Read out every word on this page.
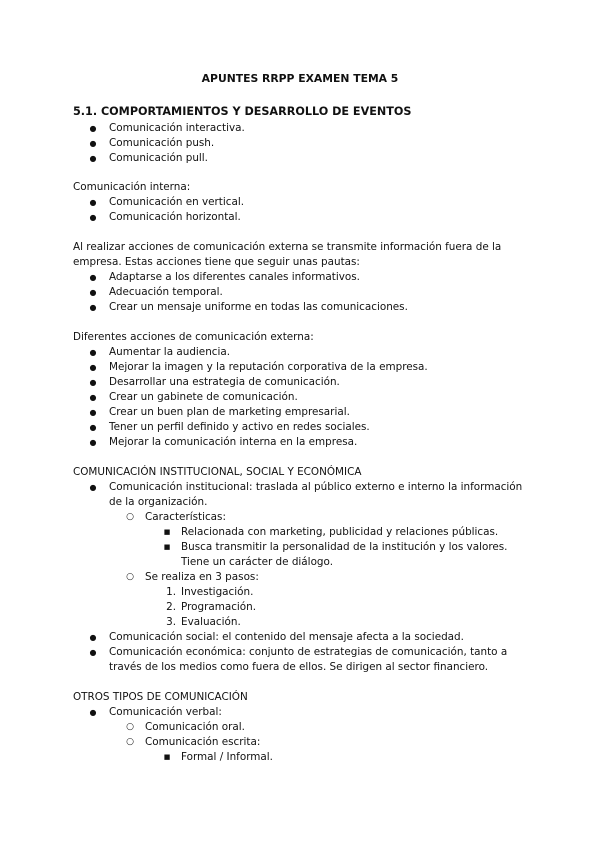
APUNTES RRPP EXAMEN TEMA 5
5.1. COMPORTAMIENTOS Y DESARROLLO DE EVENTOS
● Comunicación interactiva.
● Comunicación push.
● Comunicación pull.
Comunicación interna:
● Comunicación en vertical.
● Comunicación horizontal.
Al realizar acciones de comunicación externa se transmite información fuera de la empresa. Estas acciones tiene que seguir unas pautas:
● Adaptarse a los diferentes canales informativos.
● Adecuación temporal.
● Crear un mensaje uniforme en todas las comunicaciones.
Diferentes acciones de comunicación externa:
● Aumentar la audiencia.
● Mejorar la imagen y la reputación corporativa de la empresa.
● Desarrollar una estrategia de comunicación.
● Crear un gabinete de comunicación.
● Crear un buen plan de marketing empresarial.
● Tener un perfil definido y activo en redes sociales.
● Mejorar la comunicación interna en la empresa.
COMUNICACIÓN INSTITUCIONAL, SOCIAL Y ECONÓMICA
● Comunicación institucional: traslada al público externo e interno la información de la organización.
○ Características:
■ Relacionada con marketing, publicidad y relaciones públicas.
■ Busca transmitir la personalidad de la institución y los valores. Tiene un carácter de diálogo.
○ Se realiza en 3 pasos:
1. Investigación.
2. Programación.
3. Evaluación.
● Comunicación social: el contenido del mensaje afecta a la sociedad.
● Comunicación económica: conjunto de estrategias de comunicación, tanto a través de los medios como fuera de ellos. Se dirigen al sector financiero.
OTROS TIPOS DE COMUNICACIÓN
● Comunicación verbal:
○ Comunicación oral.
○ Comunicación escrita:
■ Formal / Informal.
